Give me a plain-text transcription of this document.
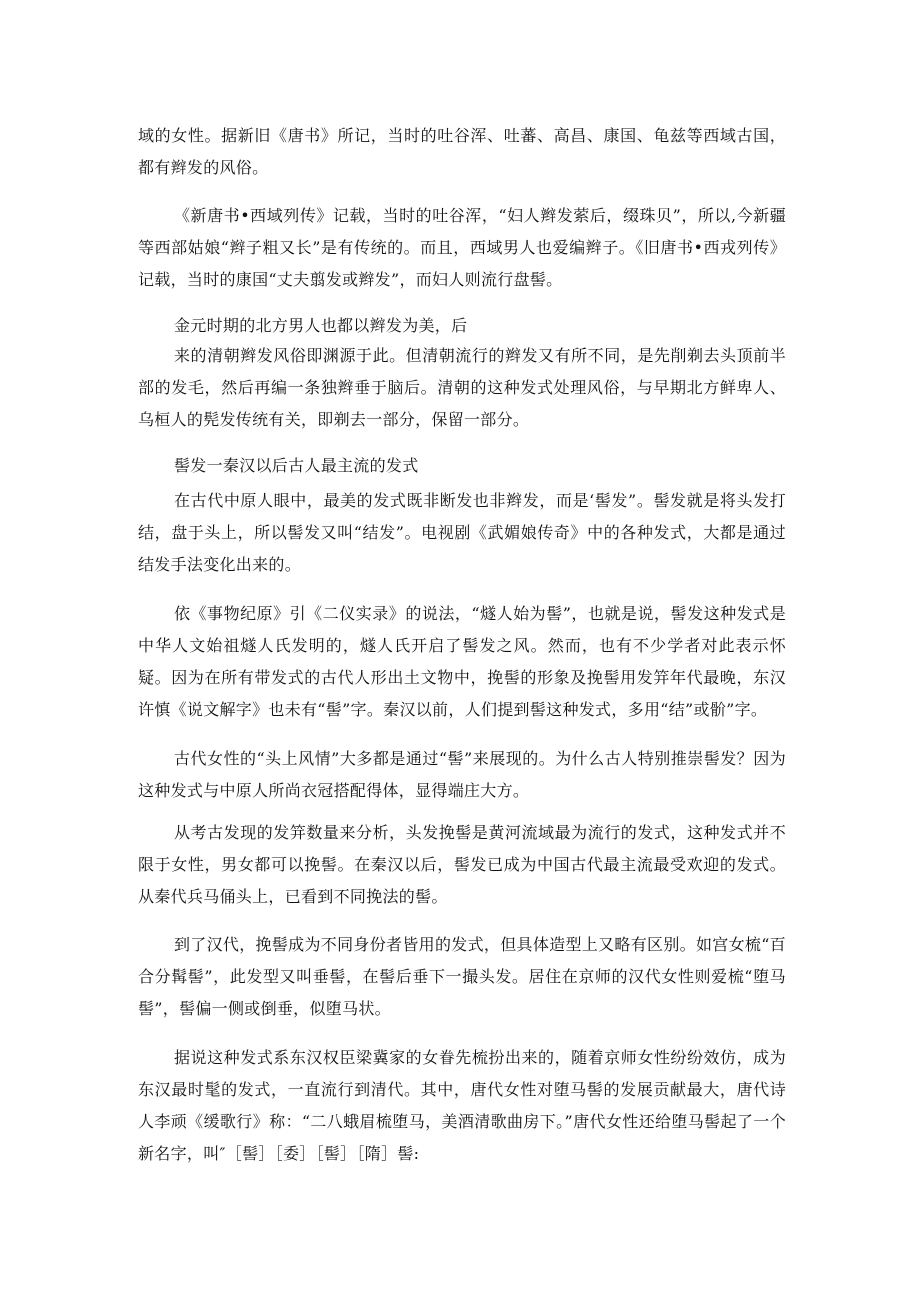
域的女性。据新旧《唐书》所记，当时的吐谷浑、吐蕃、高昌、康国、龟兹等西域古国，都有辫发的风俗。

《新唐书•西域列传》记载，当时的吐谷浑，“妇人辫发萦后，缀珠贝”，所以,今新疆等西部姑娘“辫子粗又长”是有传统的。而且，西域男人也爱编辫子。《旧唐书•西戎列传》记载，当时的康国“丈夫翦发或辫发”，而妇人则流行盘髻。

金元时期的北方男人也都以辫发为美，后

来的清朝辫发风俗即渊源于此。但清朝流行的辫发又有所不同，是先削剃去头顶前半部的发毛，然后再编一条独辫垂于脑后。清朝的这种发式处理风俗，与早期北方鲜卑人、乌桓人的髡发传统有关，即剃去一部分，保留一部分。

髻发一秦汉以后古人最主流的发式

在古代中原人眼中，最美的发式既非断发也非辫发，而是‘髻发”。髻发就是将头发打结，盘于头上，所以髻发又叫“结发”。电视剧《武媚娘传奇》中的各种发式，大都是通过结发手法变化出来的。

依《事物纪原》引《二仪实录》的说法，“燧人始为髻”，也就是说，髻发这种发式是中华人文始祖燧人氏发明的，燧人氏开启了髻发之风。然而，也有不少学者对此表示怀疑。因为在所有带发式的古代人形出土文物中，挽髻的形象及挽髻用发笄年代最晚，东汉许慎《说文解字》也未有“髻”字。秦汉以前，人们提到髻这种发式，多用“结”或骱”字。

古代女性的“头上风情”大多都是通过“髻”来展现的。为什么古人特别推崇髻发？因为这种发式与中原人所尚衣冠搭配得体，显得端庄大方。

从考古发现的发笄数量来分析，头发挽髻是黄河流域最为流行的发式，这种发式并不限于女性，男女都可以挽髻。在秦汉以后，髻发已成为中国古代最主流最受欢迎的发式。从秦代兵马俑头上，已看到不同挽法的髻。

到了汉代，挽髻成为不同身份者皆用的发式，但具体造型上又略有区别。如宫女梳“百合分髯髻”，此发型又叫垂髻，在髻后垂下一撮头发。居住在京师的汉代女性则爱梳“堕马髻”，髻偏一侧或倒垂，似堕马状。

据说这种发式系东汉权臣梁冀家的女眷先梳扮出来的，随着京师女性纷纷效仿，成为东汉最时髦的发式，一直流行到清代。其中，唐代女性对堕马髻的发展贡献最大，唐代诗人李顽《缓歌行》称：“二八蛾眉梳堕马，美酒清歌曲房下。”唐代女性还给堕马髻起了一个新名字，叫″［髻］［委］［髻］［隋］髻:
